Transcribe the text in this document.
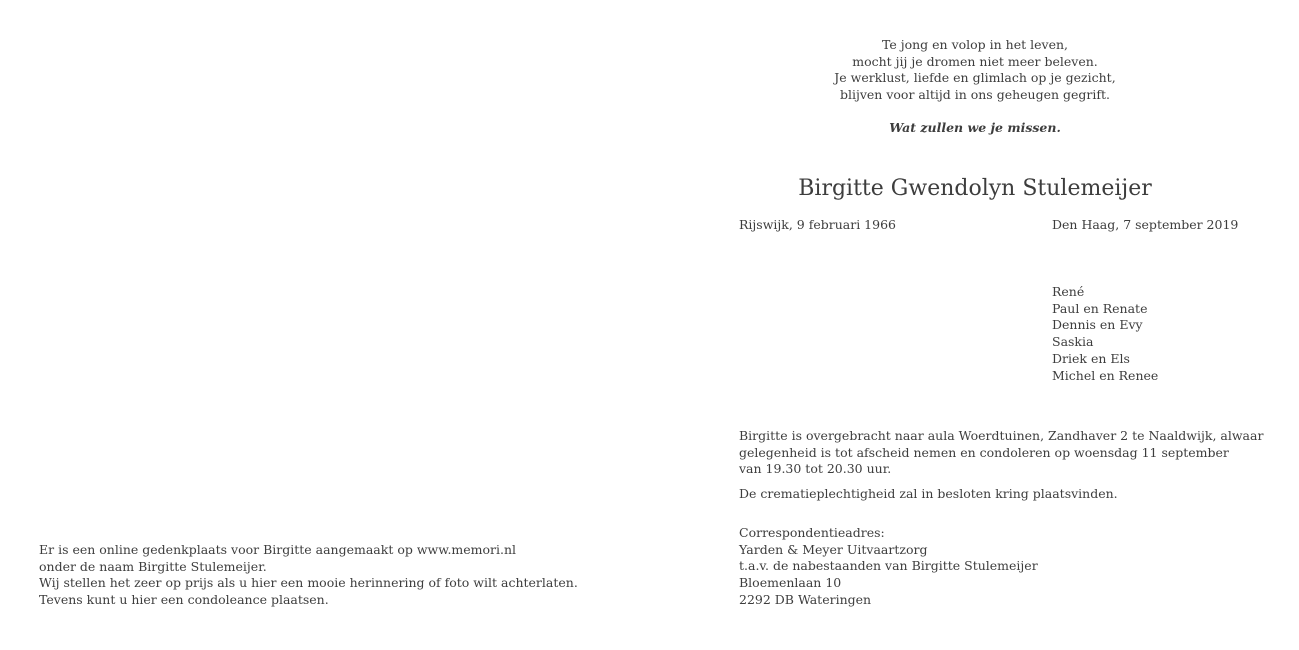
Te jong en volop in het leven,
mocht jij je dromen niet meer beleven.
Je werklust, liefde en glimlach op je gezicht,
blijven voor altijd in ons geheugen gegrift.
Wat zullen we je missen.
Birgitte Gwendolyn Stulemeijer
Rijswijk, 9 februari 1966	Den Haag, 7 september 2019
René
Paul en Renate
Dennis en Evy
Saskia
Driek en Els
Michel en Renee
Birgitte is overgebracht naar aula Woerdtuinen, Zandhaver 2 te Naaldwijk, alwaar
gelegenheid is tot afscheid nemen en condoleren op woensdag 11 september
van 19.30 tot 20.30 uur.
De crematieplechtigheid zal in besloten kring plaatsvinden.
Correspondentieadres:
Yarden & Meyer Uitvaartzorg
t.a.v. de nabestaanden van Birgitte Stulemeijer
Bloemenlaan 10
2292 DB Wateringen
Er is een online gedenkplaats voor Birgitte aangemaakt op www.memori.nl
onder de naam Birgitte Stulemeijer.
Wij stellen het zeer op prijs als u hier een mooie herinnering of foto wilt achterlaten.
Tevens kunt u hier een condoleance plaatsen.
